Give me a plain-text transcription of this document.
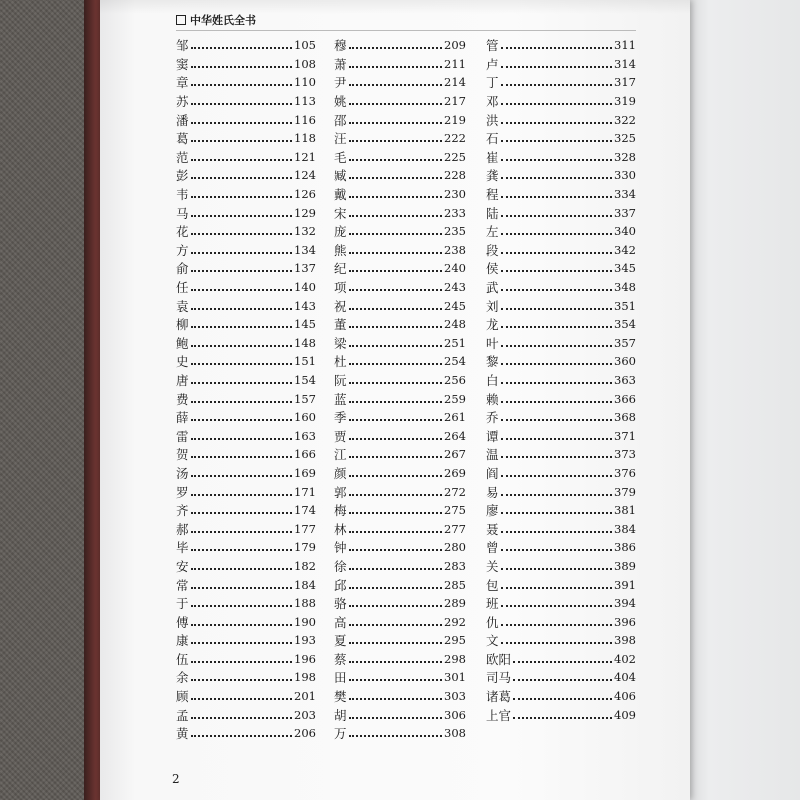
中华姓氏全书
邹	105
窦	108
章	110
苏	113
潘	116
葛	118
范	121
彭	124
韦	126
马	129
花	132
方	134
俞	137
任	140
袁	143
柳	145
鲍	148
史	151
唐	154
费	157
薛	160
雷	163
贺	166
汤	169
罗	171
齐	174
郝	177
毕	179
安	182
常	184
于	188
傅	190
康	193
伍	196
余	198
顾	201
孟	203
黄	206
穆	209
萧	211
尹	214
姚	217
邵	219
汪	222
毛	225
臧	228
戴	230
宋	233
庞	235
熊	238
纪	240
项	243
祝	245
董	248
梁	251
杜	254
阮	256
蓝	259
季	261
贾	264
江	267
颜	269
郭	272
梅	275
林	277
钟	280
徐	283
邱	285
骆	289
高	292
夏	295
蔡	298
田	301
樊	303
胡	306
万	308
管	311
卢	314
丁	317
邓	319
洪	322
石	325
崔	328
龚	330
程	334
陆	337
左	340
段	342
侯	345
武	348
刘	351
龙	354
叶	357
黎	360
白	363
赖	366
乔	368
谭	371
温	373
阎	376
易	379
廖	381
聂	384
曾	386
关	389
包	391
班	394
仇	396
文	398
欧阳	402
司马	404
诸葛	406
上官	409
2
